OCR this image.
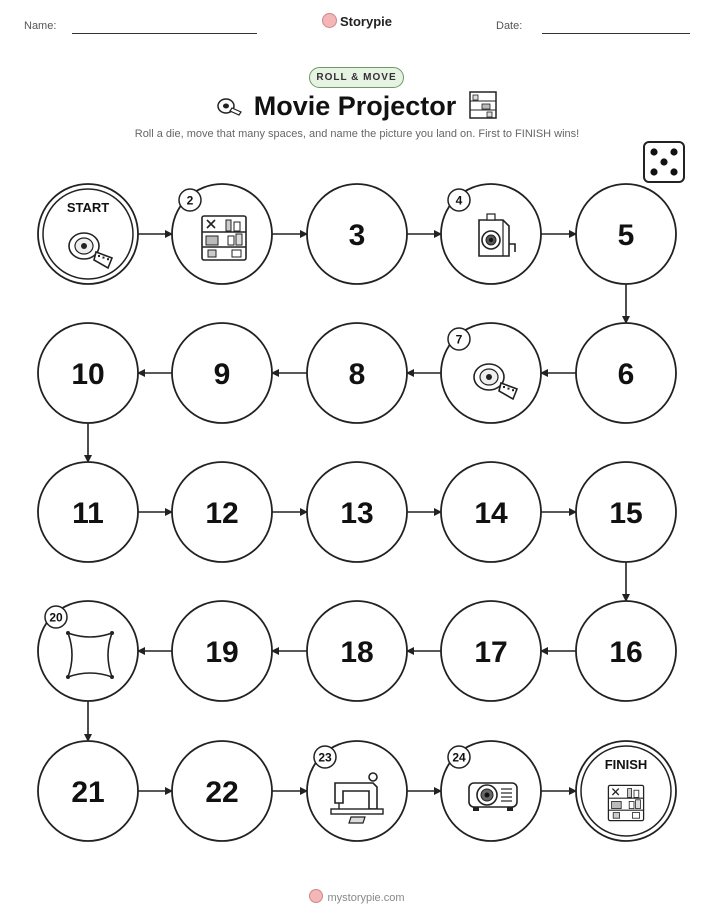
Name:	Storypie	Date:
ROLL & MOVE
Movie Projector
Roll a die, move that many spaces, and name the picture you land on. First to FINISH wins!
START	2
3
4
5
6
7
8
9
10
11	12	13	14	15
16
17
18
19
20
21	22
23	24	FINISH
mystorypie.com
